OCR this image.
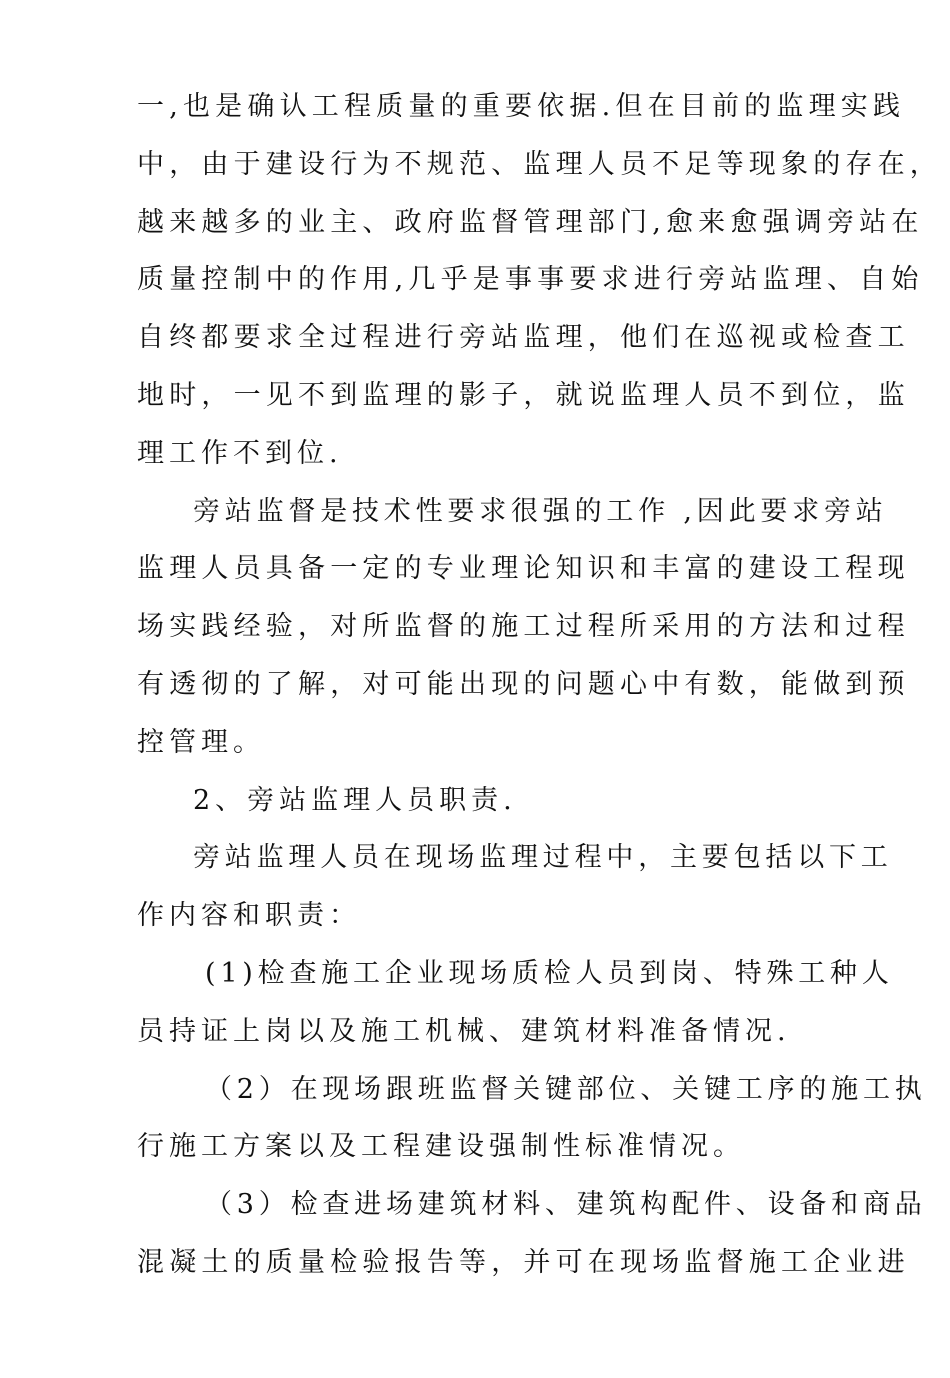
一,也是确认工程质量的重要依据.但在目前的监理实践
中，由于建设行为不规范、监理人员不足等现象的存在，
越来越多的业主、政府监督管理部门,愈来愈强调旁站在
质量控制中的作用,几乎是事事要求进行旁站监理、自始
自终都要求全过程进行旁站监理，他们在巡视或检查工
地时，一见不到监理的影子，就说监理人员不到位，监
理工作不到位.
旁站监督是技术性要求很强的工作 ,因此要求旁站
监理人员具备一定的专业理论知识和丰富的建设工程现
场实践经验，对所监督的施工过程所采用的方法和过程
有透彻的了解，对可能出现的问题心中有数，能做到预
控管理。
2、旁站监理人员职责.
旁站监理人员在现场监理过程中，主要包括以下工
作内容和职责：
(1)检查施工企业现场质检人员到岗、特殊工种人
员持证上岗以及施工机械、建筑材料准备情况.
（2）在现场跟班监督关键部位、关键工序的施工执
行施工方案以及工程建设强制性标准情况。
（3）检查进场建筑材料、建筑构配件、设备和商品
混凝土的质量检验报告等，并可在现场监督施工企业进
